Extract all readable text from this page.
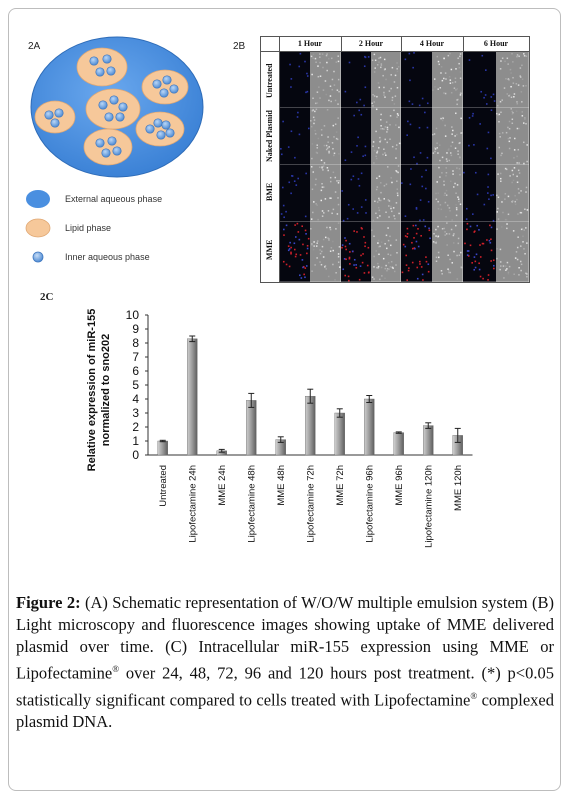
2A
External aqueous phase
Lipid phase
Inner aqueous phase
2B	1 Hour	2 Hour	4 Hour	6 Hour
Untreated
Naked Plasmid
BME
MME
2C
Relative expression of miR-155 normalized to sno202
0
1
2
3
4
5
6
7
8
9
10
Untreated Lipofectamine 24h MME 24h Lipofectamine 48h MME 48h Lipofectamine 72h MME 72h Lipofectamine 96h MME 96h Lipofectamine 120h MME 120h
Figure 2: (A) Schematic representation of W/O/W multiple emulsion system (B) Light microscopy and fluorescence images showing uptake of MME delivered plasmid over time. (C) Intracellular miR-155 expression using MME or Lipofectamine® over 24, 48, 72, 96 and 120 hours post treatment. (*) p<0.05 statistically significant compared to cells treated with Lipofectamine® complexed plasmid DNA.
